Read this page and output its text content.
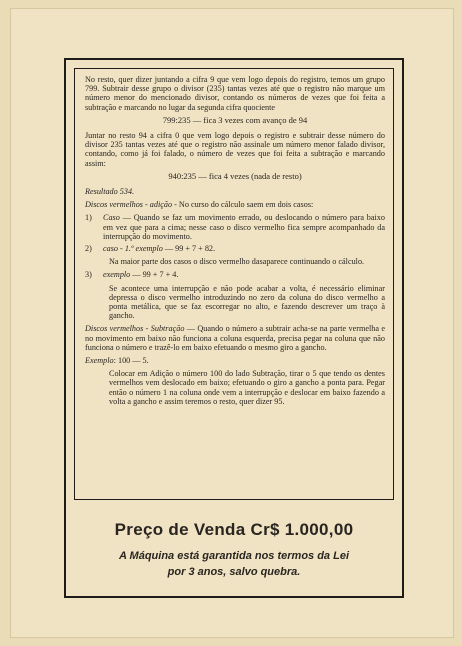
No resto, quer dizer juntando a cifra 9 que vem logo depois do registro, temos um grupo 799. Subtrair desse grupo o divisor (235) tantas vezes até que o registro não marque um número menor do mencionado divisor, contando os números de vezes que foi feita a subtração e marcando no lugar da segunda cifra quociente

799:235 — fica 3 vezes com avanço de 94

Juntar no resto 94 a cifra 0 que vem logo depois o registro e subtrair desse número do divisor 235 tantas vezes até que o registro não assinale um número menor falado divisor, contando, como já foi falado, o número de vezes que foi feita a subtração e marcando assim:

940:235 — fica 4 vezes (nada de resto)

Resultado 534.

Discos vermelhos - adição - No curso do cálculo saem em dois casos:

1)	Caso — Quando se faz um movimento errado, ou deslocando o número para baixo em vez que para a cima; nesse caso o disco vermelho fica sempre acompanhado da interrupção do movimento.
2)	caso - 1.º exemplo — 99 + 7 + 82.

Na maior parte dos casos o disco vermelho dasaparece continuando o cálculo.

3)	exemplo — 99 + 7 + 4.

Se acontece uma interrupção e não pode acabar a volta, é necessário eliminar depressa o disco vermelho introduzindo no zero da coluna do disco vermelho a ponta metálica, que se faz escorregar no alto, e fazendo descrever um traço à gancho.

Discos vermelhos - Subtração — Quando o número a subtrair acha-se na parte vermelha e no movimento em baixo não funciona a coluna esquerda, precisa pegar na coluna que não funciona o número e trazê-lo em baixo efetuando o mesmo giro a gancho.

Exemplo: 100 — 5.

Colocar em Adição o número 100 do lado Subtração, tirar o 5 que tendo os dentes vermelhos vem deslocado em baixo; efetuando o giro a gancho a ponta para. Pegar então o número 1 na coluna onde vem a interrupção e deslocar em baixo fazendo a volta a gancho e assim teremos o resto, quer dizer 95.

Preço de Venda Cr$ 1.000,00
A Máquina está garantida nos termos da Lei
por 3 anos, salvo quebra.
